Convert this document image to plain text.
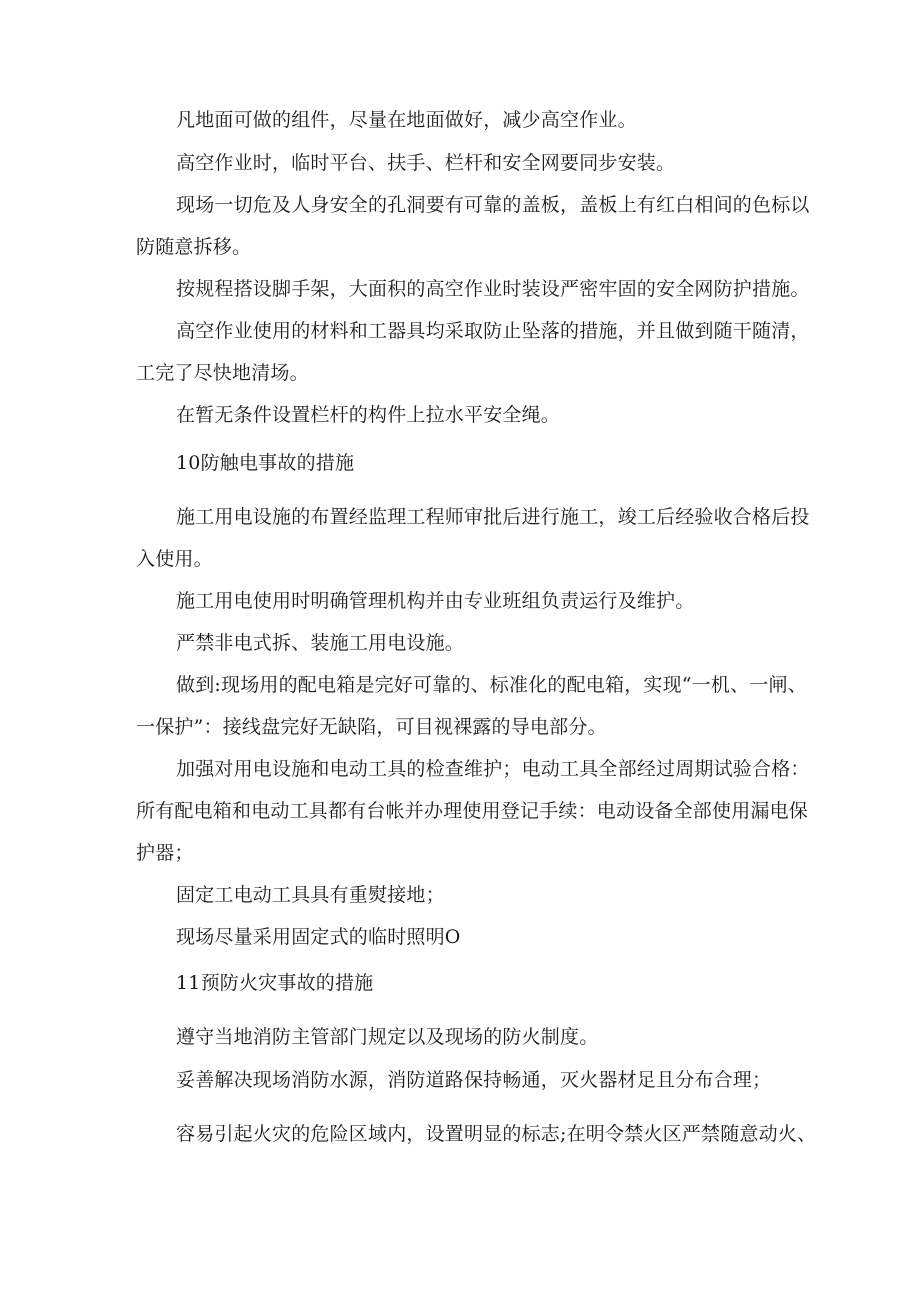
凡地面可做的组件，尽量在地面做好，减少高空作业。
高空作业时，临时平台、扶手、栏杆和安全网要同步安装。
现场一切危及人身安全的孔洞要有可靠的盖板，盖板上有红白相间的色标以
防随意拆移。
按规程搭设脚手架，大面积的高空作业时装设严密牢固的安全网防护措施。
高空作业使用的材料和工器具均采取防止坠落的措施，并且做到随干随清，
工完了尽快地清场。
在暂无条件设置栏杆的构件上拉水平安全绳。
10防触电事故的措施
施工用电设施的布置经监理工程师审批后进行施工，竣工后经验收合格后投
入使用。
施工用电使用时明确管理机构并由专业班组负责运行及维护。
严禁非电式拆、装施工用电设施。
做到:现场用的配电箱是完好可靠的、标准化的配电箱，实现“一机、一闸、
一保护”：接线盘完好无缺陷，可目视裸露的导电部分。
加强对用电设施和电动工具的检查维护；电动工具全部经过周期试验合格：
所有配电箱和电动工具都有台帐并办理使用登记手续：电动设备全部使用漏电保
护器；
固定工电动工具具有重熨接地；
现场尽量采用固定式的临时照明O
11预防火灾事故的措施
遵守当地消防主管部门规定以及现场的防火制度。
妥善解决现场消防水源，消防道路保持畅通，灭火器材足且分布合理；
容易引起火灾的危险区域内，设置明显的标志;在明令禁火区严禁随意动火、
